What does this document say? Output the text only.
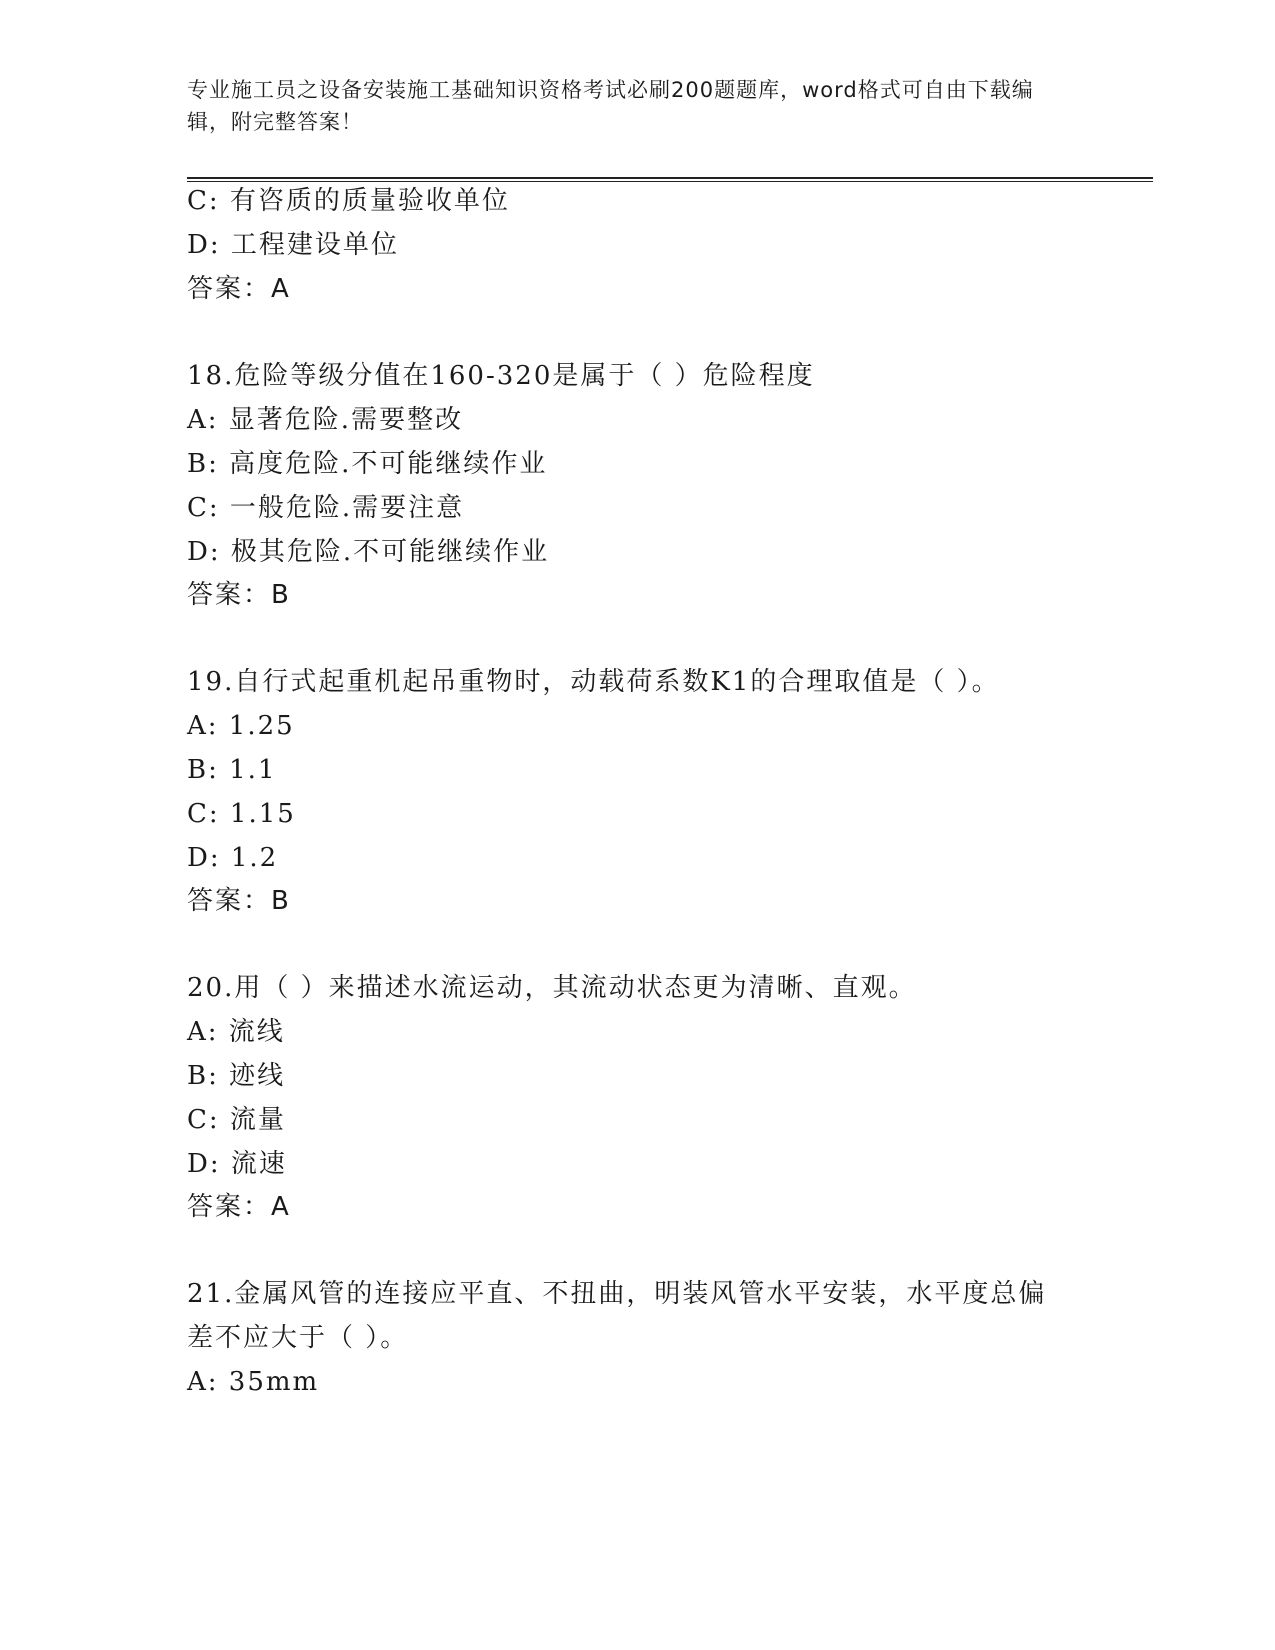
专业施工员之设备安装施工基础知识资格考试必刷200题题库，word格式可自由下载编辑，附完整答案！
C: 有咨质的质量验收单位
D: 工程建设单位
答案：A
18.危险等级分值在160-320是属于（ ）危险程度
A: 显著危险.需要整改
B: 高度危险.不可能继续作业
C: 一般危险.需要注意
D: 极其危险.不可能继续作业
答案：B
19.自行式起重机起吊重物时，动载荷系数K1的合理取值是（ ）。
A: 1.25
B: 1.1
C: 1.15
D: 1.2
答案：B
20.用（ ）来描述水流运动，其流动状态更为清晰、直观。
A: 流线
B: 迹线
C: 流量
D: 流速
答案：A
21.金属风管的连接应平直、不扭曲，明装风管水平安装，水平度总偏
差不应大于（ ）。
A: 35mm
